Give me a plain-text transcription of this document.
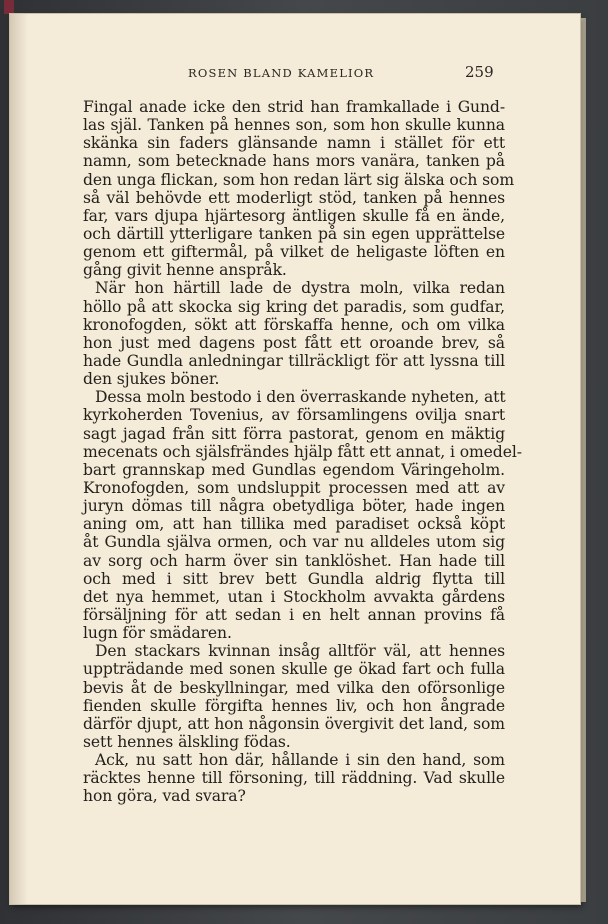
ROSEN BLAND KAMELIOR	259
Fingal anade icke den strid han framkallade i Gund-
las själ. Tanken på hennes son, som hon skulle kunna
skänka sin faders glänsande namn i stället för ett
namn, som betecknade hans mors vanära, tanken på
den unga flickan, som hon redan lärt sig älska och som
så väl behövde ett moderligt stöd, tanken på hennes
far, vars djupa hjärtesorg äntligen skulle få en ände,
och därtill ytterligare tanken på sin egen upprättelse
genom ett giftermål, på vilket de heligaste löften en
gång givit henne anspråk.
När hon härtill lade de dystra moln, vilka redan
höllo på att skocka sig kring det paradis, som gudfar,
kronofogden, sökt att förskaffa henne, och om vilka
hon just med dagens post fått ett oroande brev, så
hade Gundla anledningar tillräckligt för att lyssna till
den sjukes böner.
Dessa moln bestodo i den överraskande nyheten, att
kyrkoherden Tovenius, av församlingens ovilja snart
sagt jagad från sitt förra pastorat, genom en mäktig
mecenats och själsfrändes hjälp fått ett annat, i omedel-
bart grannskap med Gundlas egendom Väringeholm.
Kronofogden, som undsluppit processen med att av
juryn dömas till några obetydliga böter, hade ingen
aning om, att han tillika med paradiset också köpt
åt Gundla själva ormen, och var nu alldeles utom sig
av sorg och harm över sin tanklöshet. Han hade till
och med i sitt brev bett Gundla aldrig flytta till
det nya hemmet, utan i Stockholm avvakta gårdens
försäljning för att sedan i en helt annan provins få
lugn för smädaren.
Den stackars kvinnan insåg alltför väl, att hennes
uppträdande med sonen skulle ge ökad fart och fulla
bevis åt de beskyllningar, med vilka den oförsonlige
fienden skulle förgifta hennes liv, och hon ångrade
därför djupt, att hon någonsin övergivit det land, som
sett hennes älskling födas.
Ack, nu satt hon där, hållande i sin den hand, som
räcktes henne till försoning, till räddning. Vad skulle
hon göra, vad svara?
